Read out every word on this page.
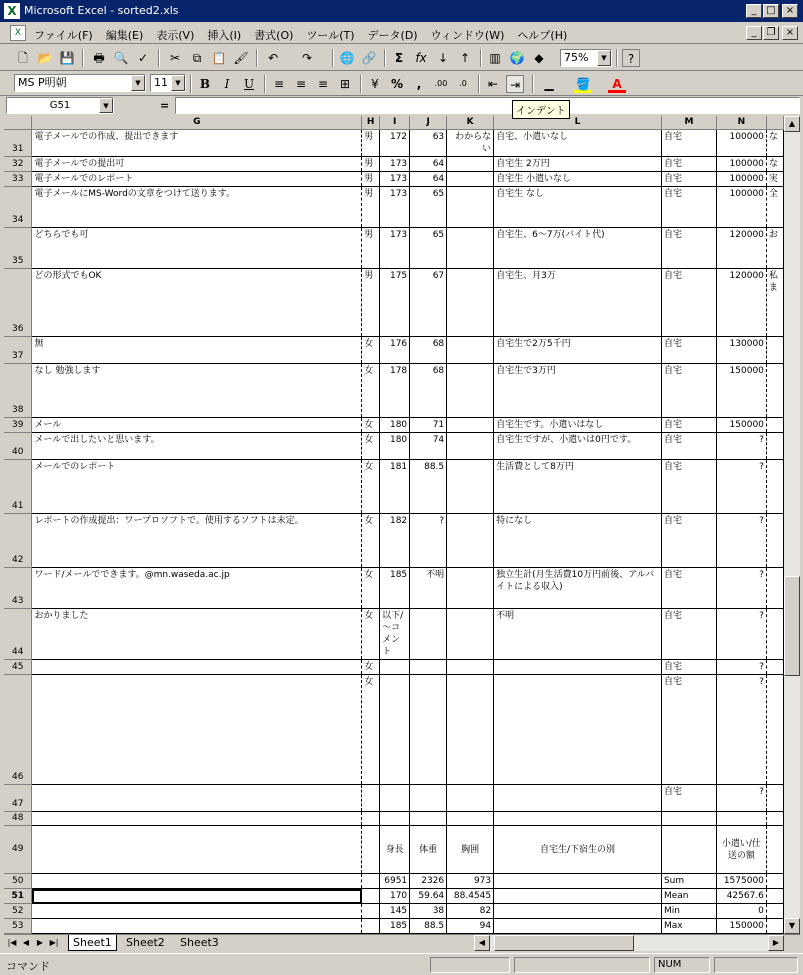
X Microsoft Excel - sorted2.xls	_ □	×
X	ファイル(F) 編集(E) 表示(V) 挿入(I) 書式(O) ツール(T) データ(D) ウィンドウ(W) ヘルプ(H)	_	❐	×
🗋 📂 💾 🖶 🔍 ✓	✂	⧉ 📋 🖌	↶	↷	🌐 🔗	Σ	fx ↓ ↑	▥ 🌍 ◆	75%	▼	?
MS P明朝	▼	11	▼	B	I	U	≡ ≡ ≡ ⊞	¥	%	,	.00	.0	⇤ ⇥	▁	🪣	A
G51	▼	=	インデント
	G	H	I	J	K	L	M	N	
31	電子メールでの作成、提出できます	男	172	63	わからない	自宅、小遣いなし	自宅	100000	な
32	電子メールでの提出可	男	173	64		自宅生 2万円	自宅	100000	な
33	電子メールでのレポート	男	173	64		自宅生 小遣いなし	自宅	100000	実
34	電子メールにMS-Wordの文章をつけて送ります。	男	173	65		自宅生 なし	自宅	100000	全
35	どちらでも可	男	173	65		自宅生、6～7万(バイト代)	自宅	120000	お
36	どの形式でもOK	男	175	67		自宅生、月3万	自宅	120000	私ま
37	無	女	176	68		自宅生で2万5千円	自宅	130000	
38	なし 勉強します	女	178	68		自宅生で3万円	自宅	150000	
39	メール	女	180	71		自宅生です。小遣いはなし	自宅	150000	
40	メールで出したいと思います。	女	180	74		自宅生ですが、小遣いは0円です。	自宅	?	
41	メールでのレポート	女	181	88.5		生活費として8万円	自宅	?	
42	レポートの作成提出：ワープロソフトで。使用するソフトは未定。	女	182	?		特になし	自宅	?	
43	ワード/メールでできます。@mn.waseda.ac.jp	女	185	不明		独立生計(月生活費10万円前後、アルバイトによる収入)	自宅	?	
44	おかりました	女	以下/～コメント			不明	自宅	?	
45		女					自宅	?	
46		女					自宅	?	
47							自宅	?	
48									
49			身長	体重	胸囲	自宅生/下宿生の別		小遣い/仕送の額	
50			6951	2326	973		Sum	1575000	
51			170	59.64	88.4545		Mean	42567.6	
52			145	38	82		Min	0	
53			185	88.5	94		Max	150000	

▲
▼
|◀ ◀ ▶ ▶|	Sheet1	Sheet2	Sheet3	◀	▶
コマンド	NUM
